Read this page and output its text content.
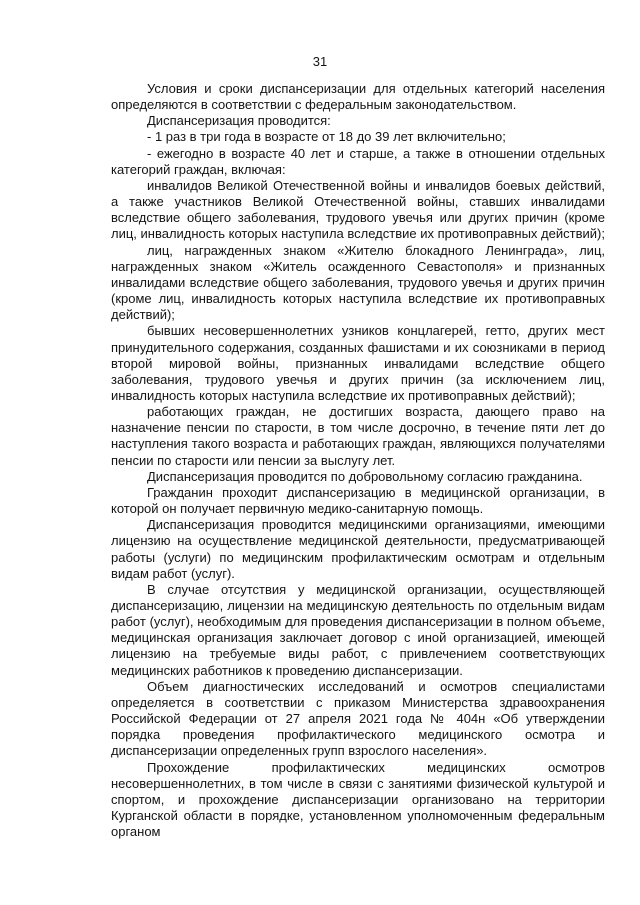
31

Условия и сроки диспансеризации для отдельных категорий населения определяются в соответствии с федеральным законодательством.

Диспансеризация проводится:

- 1 раз в три года в возрасте от 18 до 39 лет включительно;

- ежегодно в возрасте 40 лет и старше, а также в отношении отдельных категорий граждан, включая:

инвалидов Великой Отечественной войны и инвалидов боевых действий, а также участников Великой Отечественной войны, ставших инвалидами вследствие общего заболевания, трудового увечья или других причин (кроме лиц, инвалидность которых наступила вследствие их противоправных действий);

лиц, награжденных знаком «Жителю блокадного Ленинграда», лиц, награжденных знаком «Житель осажденного Севастополя» и признанных инвалидами вследствие общего заболевания, трудового увечья и других причин (кроме лиц, инвалидность которых наступила вследствие их противоправных действий);

бывших несовершеннолетних узников концлагерей, гетто, других мест принудительного содержания, созданных фашистами и их союзниками в период второй мировой войны, признанных инвалидами вследствие общего заболевания, трудового увечья и других причин (за исключением лиц, инвалидность которых наступила вследствие их противоправных действий);

работающих граждан, не достигших возраста, дающего право на назначение пенсии по старости, в том числе досрочно, в течение пяти лет до наступления такого возраста и работающих граждан, являющихся получателями пенсии по старости или пенсии за выслугу лет.

Диспансеризация проводится по добровольному согласию гражданина.

Гражданин проходит диспансеризацию в медицинской организации, в которой он получает первичную медико-санитарную помощь.

Диспансеризация проводится медицинскими организациями, имеющими лицензию на осуществление медицинской деятельности, предусматривающей работы (услуги) по медицинским профилактическим осмотрам и отдельным видам работ (услуг).

В случае отсутствия у медицинской организации, осуществляющей диспансеризацию, лицензии на медицинскую деятельность по отдельным видам работ (услуг), необходимым для проведения диспансеризации в полном объеме, медицинская организация заключает договор с иной организацией, имеющей лицензию на требуемые виды работ, с привлечением соответствующих медицинских работников к проведению диспансеризации.

Объем диагностических исследований и осмотров специалистами определяется в соответствии с приказом Министерства здравоохранения Российской Федерации от 27 апреля 2021 года № 404н «Об утверждении порядка проведения профилактического медицинского осмотра и диспансеризации определенных групп взрослого населения».

Прохождение профилактических медицинских осмотров несовершеннолетних, в том числе в связи с занятиями физической культурой и спортом, и прохождение диспансеризации организовано на территории Курганской области в порядке, установленном уполномоченным федеральным органом
